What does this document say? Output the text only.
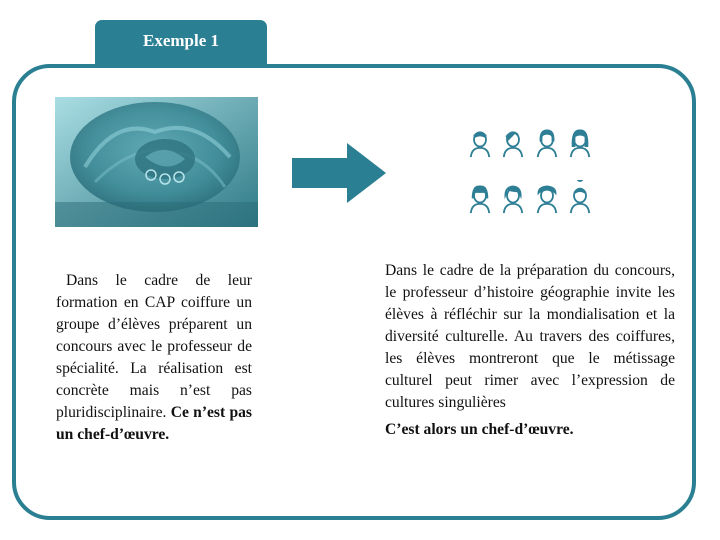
Exemple 1
Dans le cadre de leur formation en CAP coiffure un groupe d’élèves préparent un concours avec le professeur de spécialité. La réalisation est concrète mais n’est pas pluridisciplinaire. Ce n’est pas un chef-d’œuvre.
Dans le cadre de la préparation du concours, le professeur d’histoire géographie invite les élèves à réfléchir sur la mondialisation et la diversité culturelle. Au travers des coiffures, les élèves montreront que le métissage culturel peut rimer avec l’expression de cultures singulières
C’est alors un chef-d’œuvre.
